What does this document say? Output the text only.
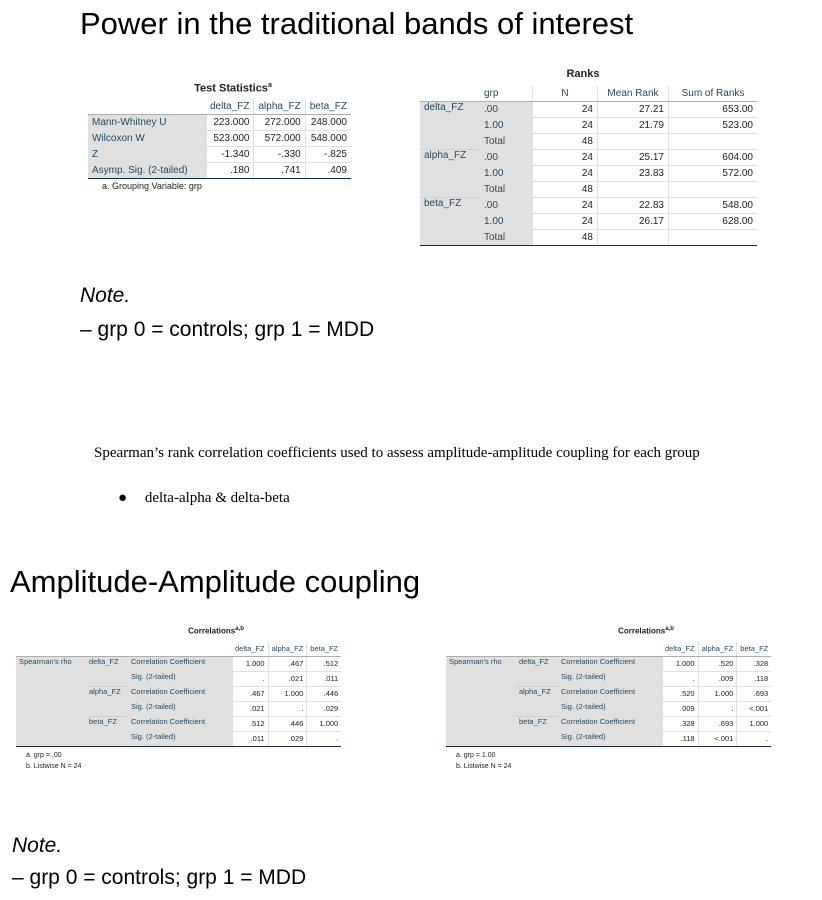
Power in the traditional bands of interest
Test Statistics$^a$
	delta_FZ	alpha_FZ	beta_FZ
Mann-Whitney U	223.000	272.000	248.000
Wilcoxon W	523.000	572.000	548.000
Z	-1.340	-.330	-.825
Asymp. Sig. (2-tailed)	.180	.741	.409
a. Grouping Variable: grp
Ranks
	grp	N	Mean Rank	Sum of Ranks
delta_FZ	.00	24	27.21	653.00
	1.00	24	21.79	523.00
	Total	48		
alpha_FZ	.00	24	25.17	604.00
	1.00	24	23.83	572.00
	Total	48		
beta_FZ	.00	24	22.83	548.00
	1.00	24	26.17	628.00
	Total	48		
Note.
– grp 0 = controls; grp 1 = MDD
Spearman’s rank correlation coefficients used to assess amplitude-amplitude coupling for each group
● delta-alpha & delta-beta
Amplitude-Amplitude coupling
Correlations$^{a,b}$
			delta_FZ	alpha_FZ	beta_FZ
Spearman's rho	delta_FZ	Correlation Coefficient	1.000	.467	.512
		Sig. (2-tailed)	.	.021	.011
	alpha_FZ	Correlation Coefficient	.467	1.000	.446
		Sig. (2-tailed)	.021	.	.029
	beta_FZ	Correlation Coefficient	.512	.446	1.000
		Sig. (2-tailed)	.011	.029	.
a. grp = .00
b. Listwise N = 24
Correlations$^{a,b}$
			delta_FZ	alpha_FZ	beta_FZ
Spearman's rho	delta_FZ	Correlation Coefficient	1.000	.520	.328
		Sig. (2-tailed)	.	.009	.118
	alpha_FZ	Correlation Coefficient	.520	1.000	.693
		Sig. (2-tailed)	.009	.	<.001
	beta_FZ	Correlation Coefficient	.328	.693	1.000
		Sig. (2-tailed)	.118	<.001	.
a. grp = 1.00
b. Listwise N = 24
Note.
– grp 0 = controls; grp 1 = MDD
